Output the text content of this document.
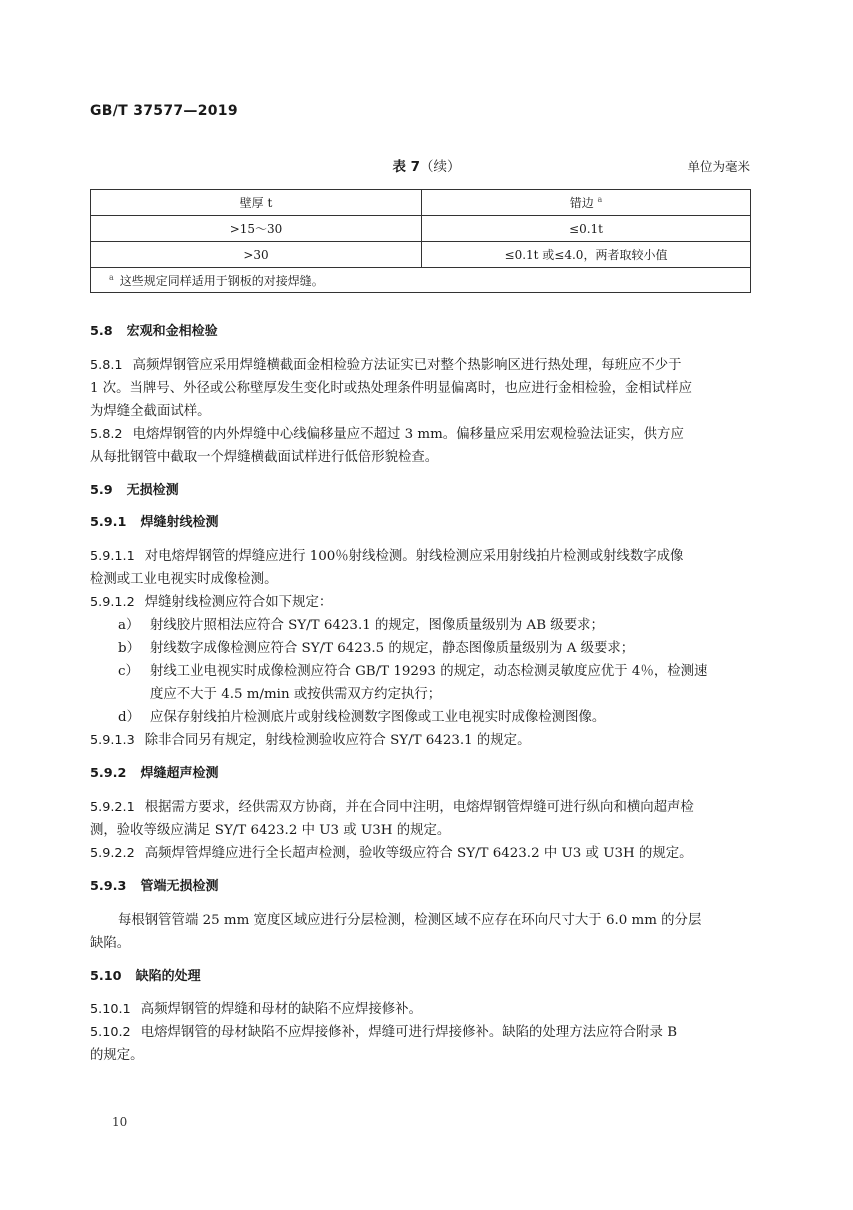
GB/T 37577—2019
表 7（续）	单位为毫米
壁厚 t	错边 $^a$
>15～30	≤0.1t
>30	≤0.1t 或≤4.0，两者取较小值
$^a$ 这些规定同样适用于钢板的对接焊缝。	
5.8 宏观和金相检验
5.8.1 高频焊钢管应采用焊缝横截面金相检验方法证实已对整个热影响区进行热处理，每班应不少于
1 次。当牌号、外径或公称壁厚发生变化时或热处理条件明显偏离时，也应进行金相检验，金相试样应
为焊缝全截面试样。
5.8.2 电熔焊钢管的内外焊缝中心线偏移量应不超过 3 mm。偏移量应采用宏观检验法证实，供方应
从每批钢管中截取一个焊缝横截面试样进行低倍形貌检查。
5.9 无损检测
5.9.1 焊缝射线检测
5.9.1.1 对电熔焊钢管的焊缝应进行 100％射线检测。射线检测应采用射线拍片检测或射线数字成像
检测或工业电视实时成像检测。
5.9.1.2 焊缝射线检测应符合如下规定：
a） 射线胶片照相法应符合 SY/T 6423.1 的规定，图像质量级别为 AB 级要求；
b） 射线数字成像检测应符合 SY/T 6423.5 的规定，静态图像质量级别为 A 级要求；
c） 射线工业电视实时成像检测应符合 GB/T 19293 的规定，动态检测灵敏度应优于 4％，检测速
度应不大于 4.5 m/min 或按供需双方约定执行；
d） 应保存射线拍片检测底片或射线检测数字图像或工业电视实时成像检测图像。
5.9.1.3 除非合同另有规定，射线检测验收应符合 SY/T 6423.1 的规定。
5.9.2 焊缝超声检测
5.9.2.1 根据需方要求，经供需双方协商，并在合同中注明，电熔焊钢管焊缝可进行纵向和横向超声检
测，验收等级应满足 SY/T 6423.2 中 U3 或 U3H 的规定。
5.9.2.2 高频焊管焊缝应进行全长超声检测，验收等级应符合 SY/T 6423.2 中 U3 或 U3H 的规定。
5.9.3 管端无损检测
每根钢管管端 25 mm 宽度区域应进行分层检测，检测区域不应存在环向尺寸大于 6.0 mm 的分层
缺陷。
5.10 缺陷的处理
5.10.1 高频焊钢管的焊缝和母材的缺陷不应焊接修补。
5.10.2 电熔焊钢管的母材缺陷不应焊接修补，焊缝可进行焊接修补。缺陷的处理方法应符合附录 B
的规定。
10
